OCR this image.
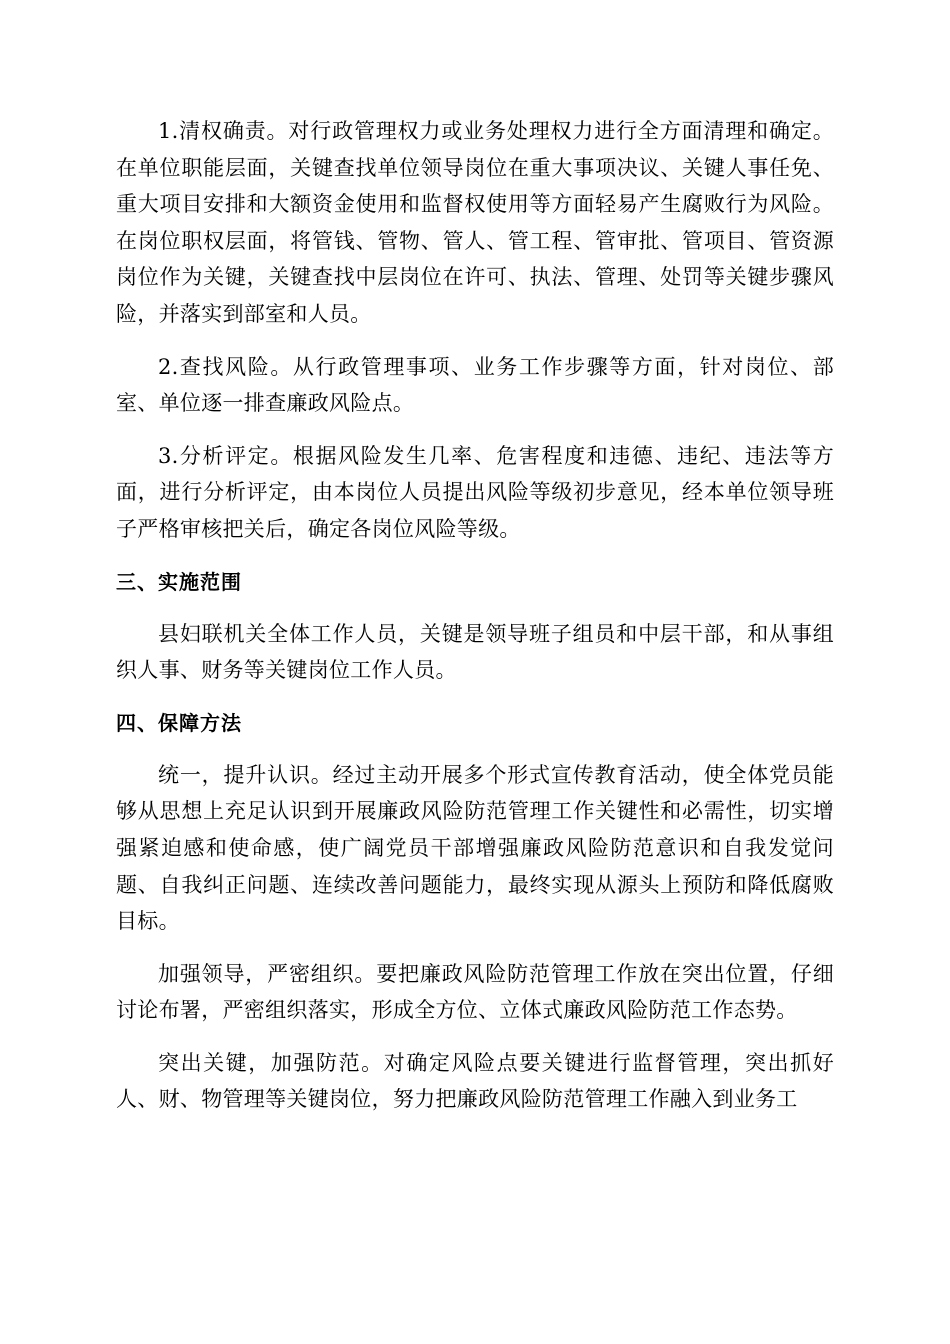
1.清权确责。对行政管理权力或业务处理权力进行全方面清理和确定。在单位职能层面，关键查找单位领导岗位在重大事项决议、关键人事任免、重大项目安排和大额资金使用和监督权使用等方面轻易产生腐败行为风险。在岗位职权层面，将管钱、管物、管人、管工程、管审批、管项目、管资源岗位作为关键，关键查找中层岗位在许可、执法、管理、处罚等关键步骤风险，并落实到部室和人员。

2.查找风险。从行政管理事项、业务工作步骤等方面，针对岗位、部室、单位逐一排查廉政风险点。

3.分析评定。根据风险发生几率、危害程度和违德、违纪、违法等方面，进行分析评定，由本岗位人员提出风险等级初步意见，经本单位领导班子严格审核把关后，确定各岗位风险等级。

三、实施范围

县妇联机关全体工作人员，关键是领导班子组员和中层干部，和从事组织人事、财务等关键岗位工作人员。

四、保障方法

统一，提升认识。经过主动开展多个形式宣传教育活动，使全体党员能够从思想上充足认识到开展廉政风险防范管理工作关键性和必需性，切实增强紧迫感和使命感，使广阔党员干部增强廉政风险防范意识和自我发觉问题、自我纠正问题、连续改善问题能力，最终实现从源头上预防和降低腐败目标。

加强领导，严密组织。要把廉政风险防范管理工作放在突出位置，仔细讨论布署，严密组织落实，形成全方位、立体式廉政风险防范工作态势。

突出关键，加强防范。对确定风险点要关键进行监督管理，突出抓好人、财、物管理等关键岗位，努力把廉政风险防范管理工作融入到业务工
